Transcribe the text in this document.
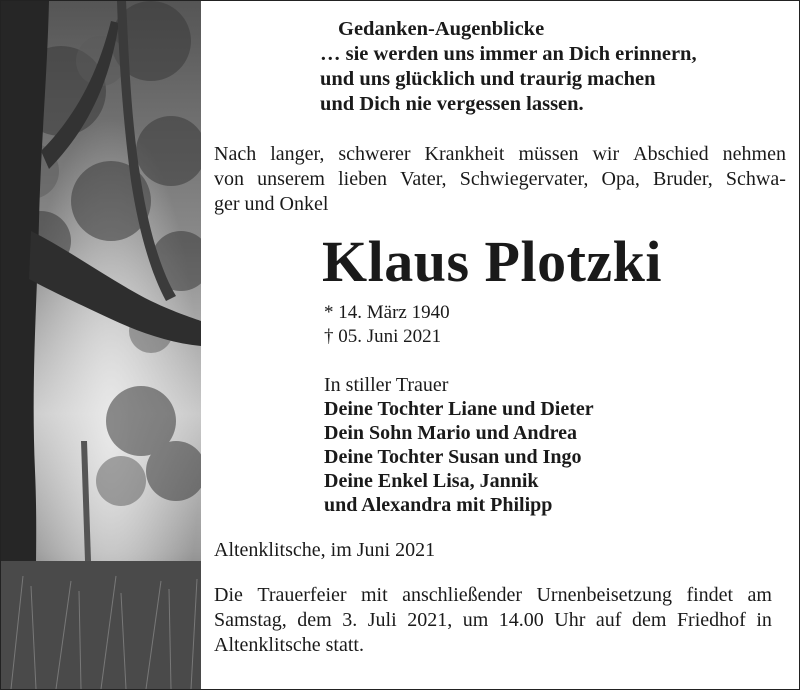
Gedanken-Augenblicke
… sie werden uns immer an Dich erinnern,
und uns glücklich und traurig machen
und Dich nie vergessen lassen.
Nach langer, schwerer Krankheit müssen wir Abschied nehmen
von unserem lieben Vater, Schwiegervater, Opa, Bruder, Schwa-
ger und Onkel
Klaus Plotzki
* 14. März 1940
† 05. Juni 2021
In stiller Trauer
Deine Tochter Liane und Dieter
Dein Sohn Mario und Andrea
Deine Tochter Susan und Ingo
Deine Enkel Lisa, Jannik
und Alexandra mit Philipp
Altenklitsche, im Juni 2021
Die Trauerfeier mit anschließender Urnenbeisetzung findet am
Samstag, dem 3. Juli 2021, um 14.00 Uhr auf dem Friedhof in
Altenklitsche statt.
